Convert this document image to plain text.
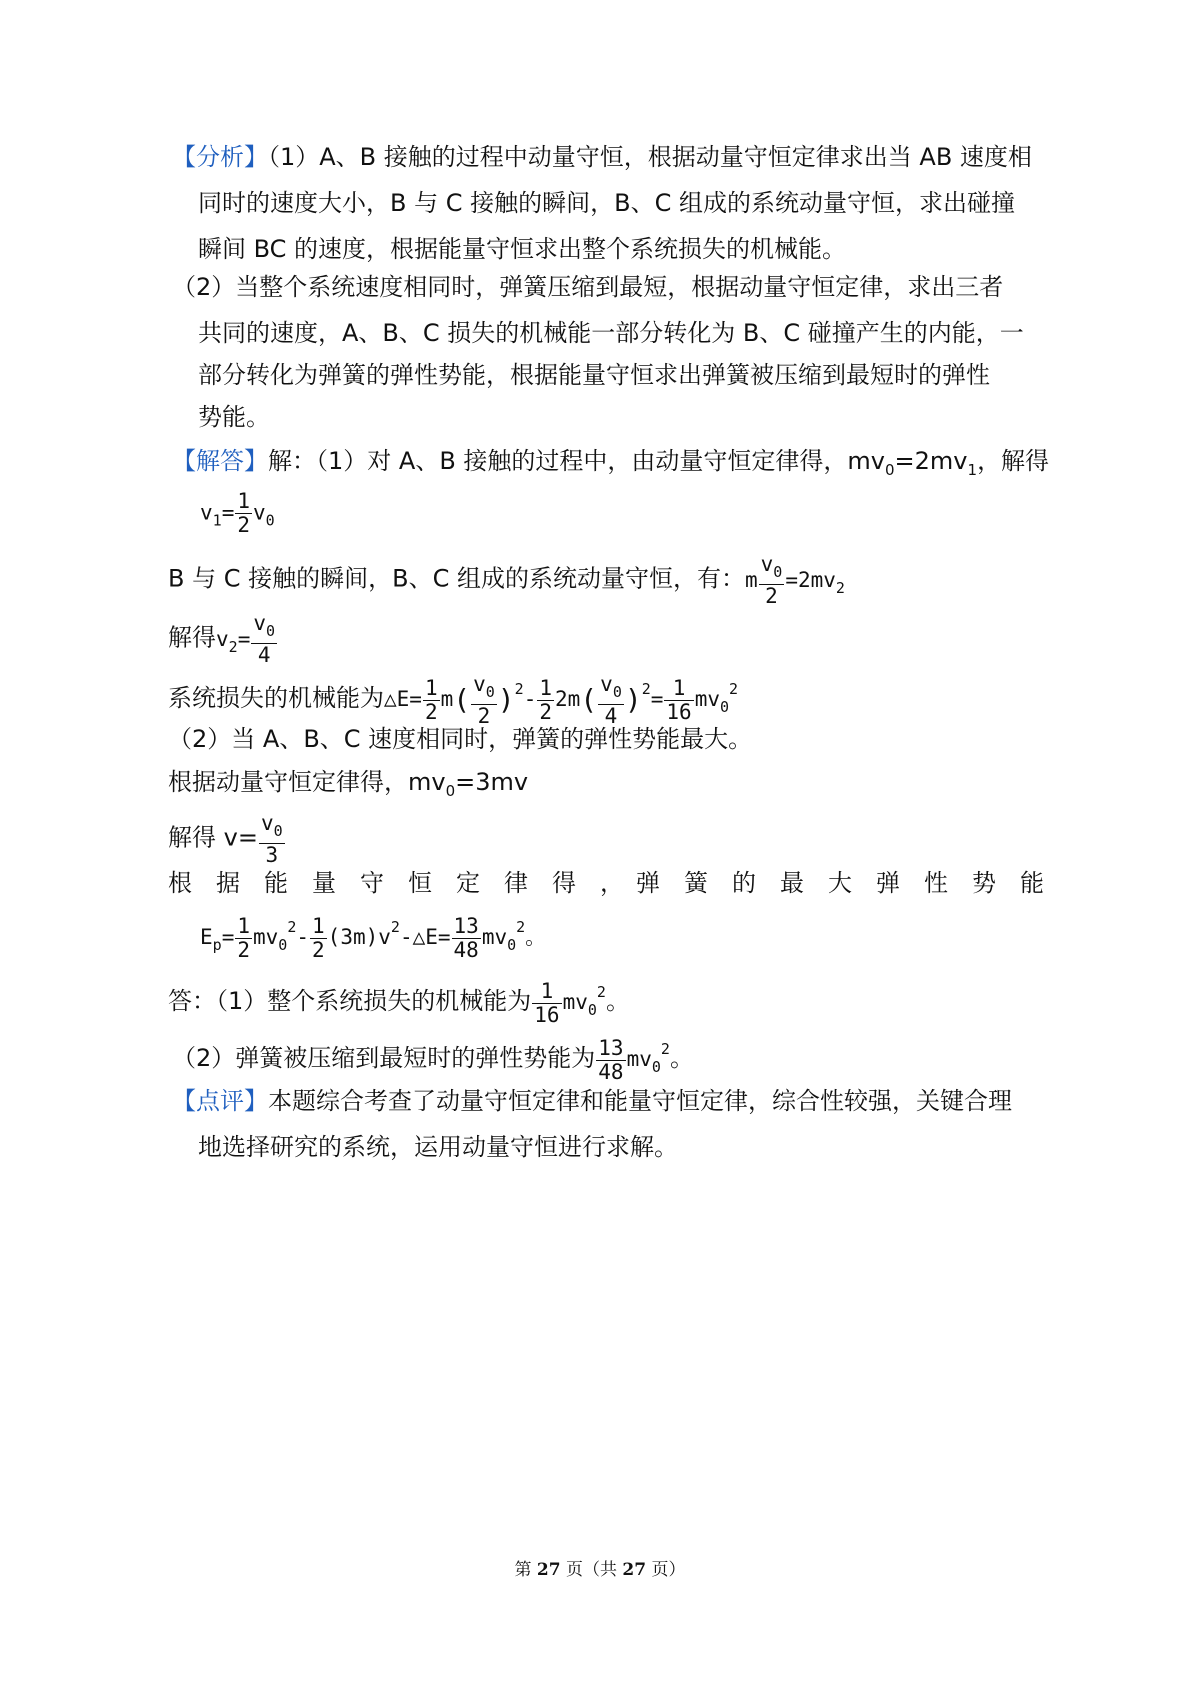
【分析】（1）A、B 接触的过程中动量守恒，根据动量守恒定律求出当 AB 速度相
同时的速度大小，B 与 C 接触的瞬间，B、C 组成的系统动量守恒，求出碰撞
瞬间 BC 的速度，根据能量守恒求出整个系统损失的机械能。
（2）当整个系统速度相同时，弹簧压缩到最短，根据动量守恒定律，求出三者
共同的速度，A、B、C 损失的机械能一部分转化为 B、C 碰撞产生的内能，一
部分转化为弹簧的弹性势能，根据能量守恒求出弹簧被压缩到最短时的弹性
势能。
【解答】解：（1）对 A、B 接触的过程中，由动量守恒定律得，$mv_0=2mv_1$，解得
$v_1= \frac{1}{2} v_0$
B 与 C 接触的瞬间，B、C 组成的系统动量守恒，有：m $\frac{v_0}{2} =2mv_2$
解得$v_2= \frac{v_0}{4}$
系统损失的机械能为△E= $\frac{1}{2} m( \frac{v_0}{2} )^2- \frac{1}{2} 2m( \frac{v_0}{4} )^2= \frac{1}{16} mv_0^2$
（2）当 A、B、C 速度相同时，弹簧的弹性势能最大。
根据动量守恒定律得，$mv_0=3mv$
解得 $v= \frac{v_0}{3}$
根　据　能　量　守　恒　定　律　得　，　弹　簧　的　最　大　弹　性　势　能
$E_p= \frac{1}{2} mv_0^2- \frac{1}{2}$ $(3m)v^2-\triangle E= \frac{13}{48} mv_0^2$。
答：（1）整个系统损失的机械能为 $\frac{1}{16} mv_0^2$。
（2）弹簧被压缩到最短时的弹性势能为 $\frac{13}{48} mv_0^2$。
【点评】本题综合考查了动量守恒定律和能量守恒定律，综合性较强，关键合理
地选择研究的系统，运用动量守恒进行求解。
第 27 页（共 27 页）
